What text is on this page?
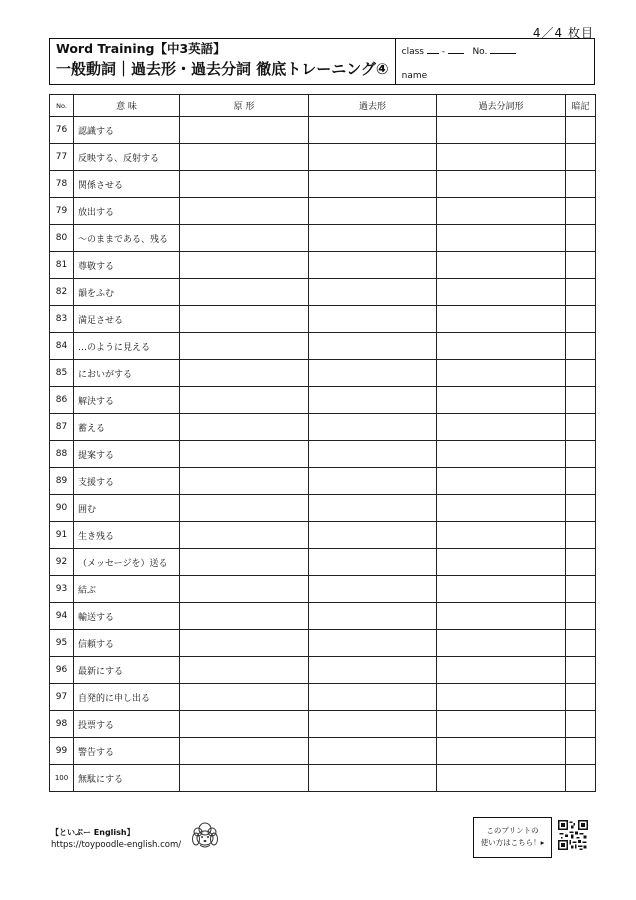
4／4 枚目
Word Training【中3英語】
一般動詞｜過去形・過去分詞 徹底トレーニング④
class -	No.
name
No.	意 味	原 形	過去形	過去分詞形	暗記
76	認識する				
77	反映する、反射する				
78	関係させる				
79	放出する				
80	～のままである、残る				
81	尊敬する				
82	韻をふむ				
83	満足させる				
84	…のように見える				
85	においがする				
86	解決する				
87	蓄える				
88	提案する				
89	支援する				
90	囲む				
91	生き残る				
92	（メッセージを）送る				
93	結ぶ				
94	輸送する				
95	信頼する				
96	最新にする				
97	自発的に申し出る				
98	投票する				
99	警告する				
100	無駄にする				
【といぷー English】
https://toypoodle-english.com/
このプリントの
使い方はこちら！▸
